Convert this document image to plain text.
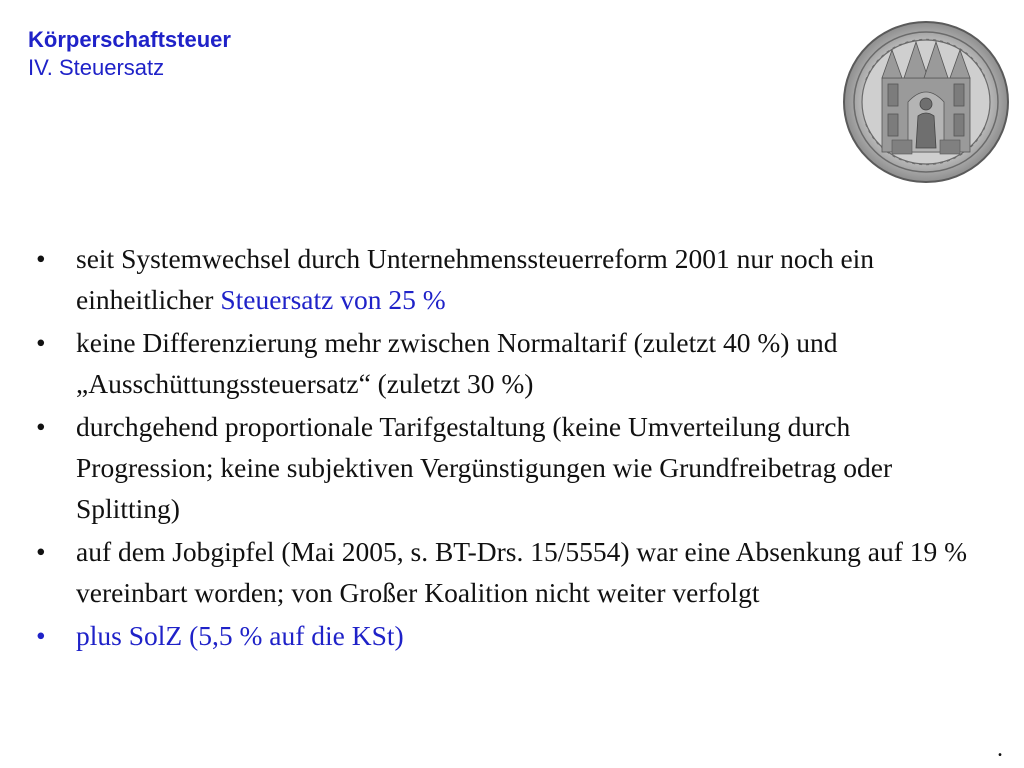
Körperschaftsteuer
IV. Steuersatz
• seit Systemwechsel durch Unternehmenssteuerreform 2001 nur noch ein einheitlicher Steuersatz von 25 %
• keine Differenzierung mehr zwischen Normaltarif (zuletzt 40 %) und „Ausschüttungssteuersatz“ (zuletzt 30 %)
• durchgehend proportionale Tarifgestaltung (keine Umverteilung durch Progression; keine subjektiven Vergünstigungen wie Grundfreibetrag oder Splitting)
• auf dem Jobgipfel (Mai 2005, s. BT-Drs. 15/5554) war eine Absenkung auf 19 % vereinbart worden; von Großer Koalition nicht weiter verfolgt
• plus SolZ (5,5 % auf die KSt)
.
